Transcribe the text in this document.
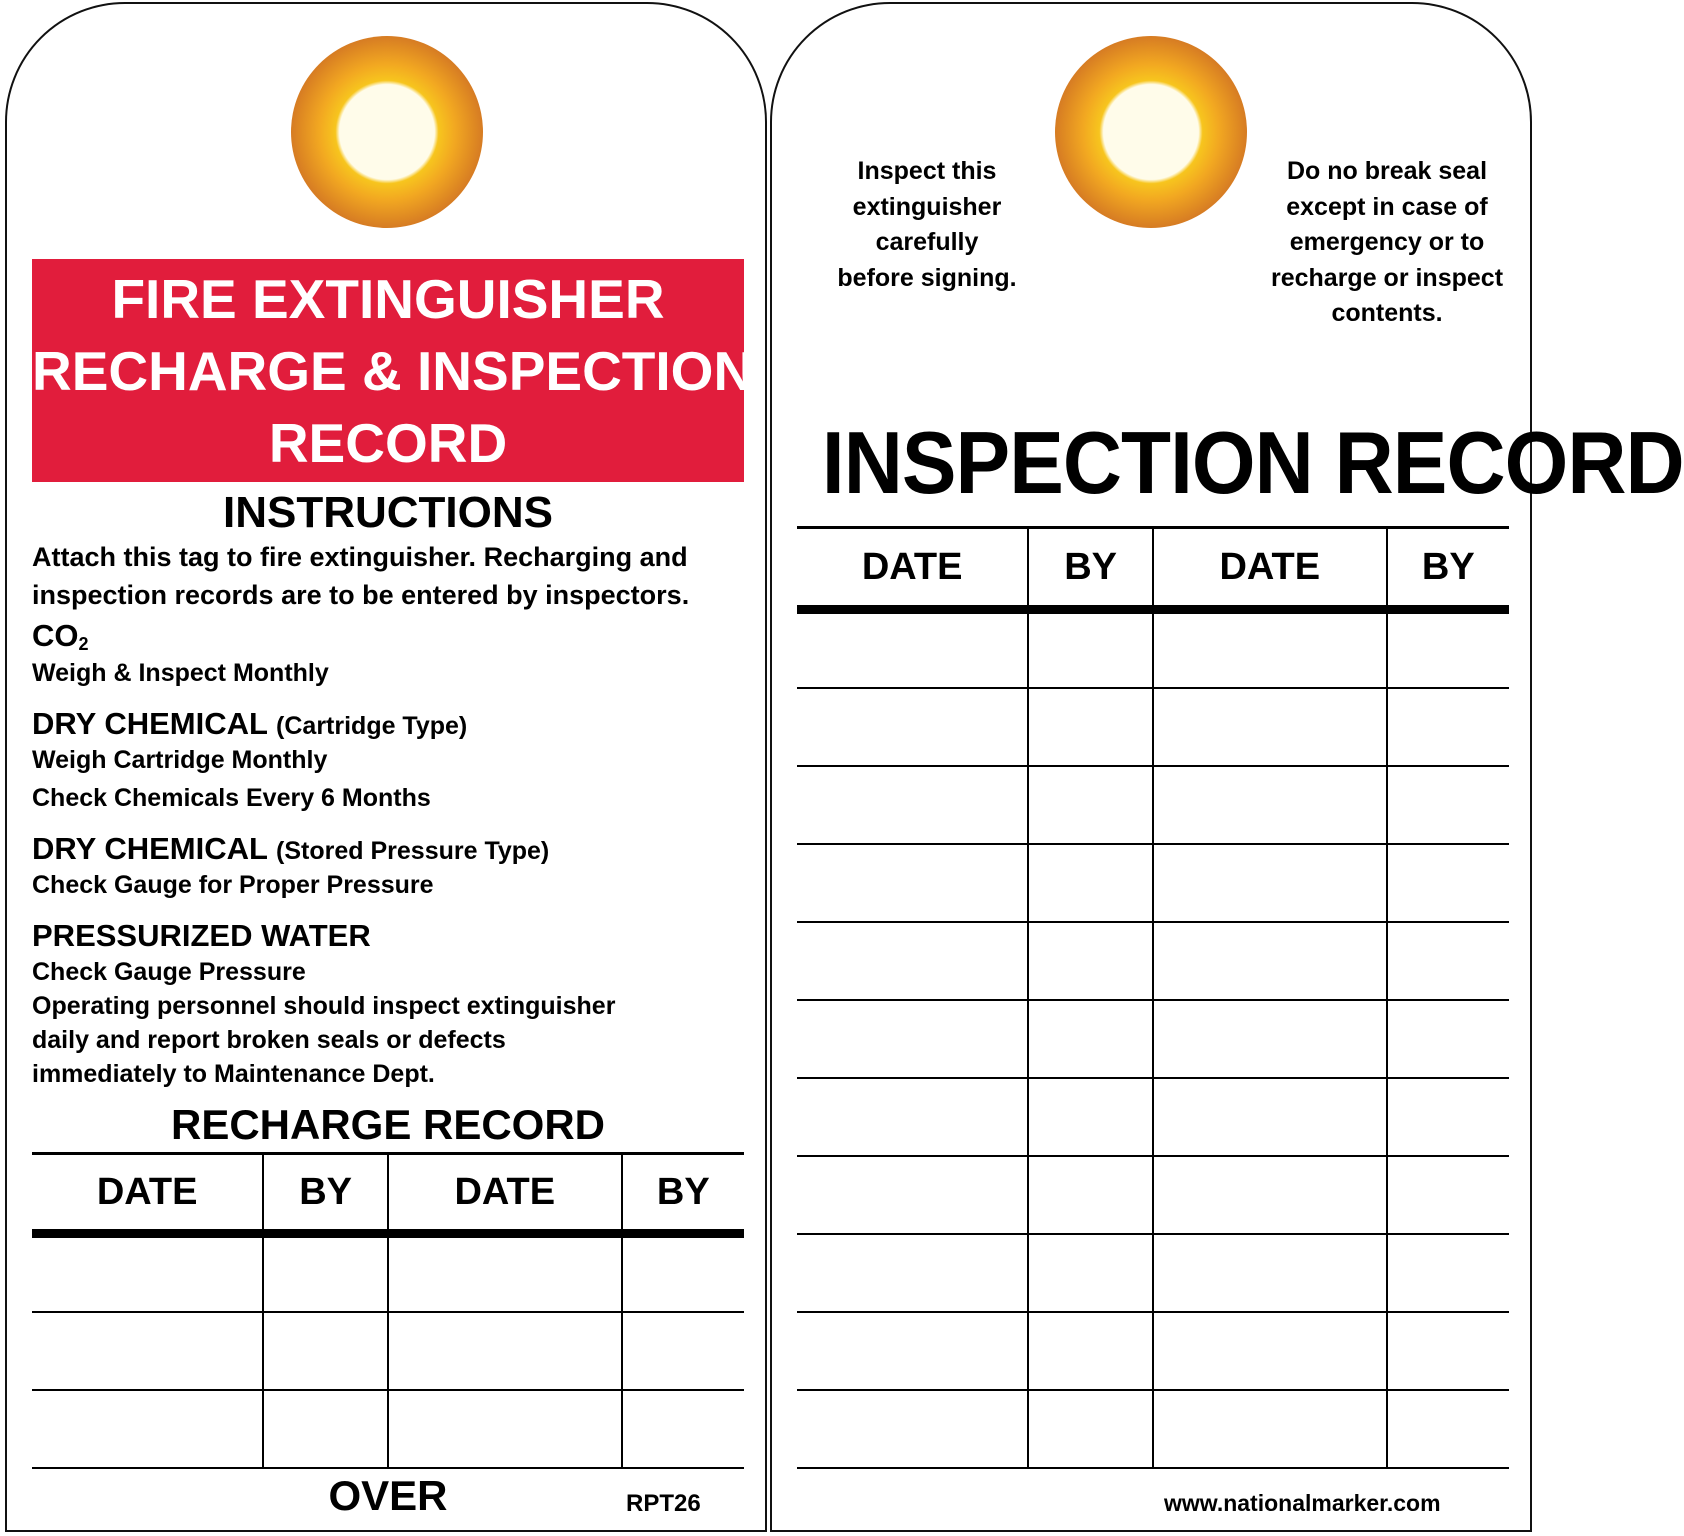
FIRE EXTINGUISHER
RECHARGE & INSPECTION
RECORD
INSTRUCTIONS
Attach this tag to fire extinguisher. Recharging and
inspection records are to be entered by inspectors.
$CO_2$
Weigh & Inspect Monthly
DRY CHEMICAL (Cartridge Type)
Weigh Cartridge Monthly
Check Chemicals Every 6 Months
DRY CHEMICAL (Stored Pressure Type)
Check Gauge for Proper Pressure
PRESSURIZED WATER
Check Gauge Pressure
Operating personnel should inspect extinguisher
daily and report broken seals or defects
immediately to Maintenance Dept.
RECHARGE RECORD
DATE	BY	DATE	BY

OVER	RPT26
Inspect this
extinguisher
carefully
before signing.
Do no break seal
except in case of
emergency or to
recharge or inspect
contents.
INSPECTION RECORD
DATE	BY	DATE	BY

www.nationalmarker.com
